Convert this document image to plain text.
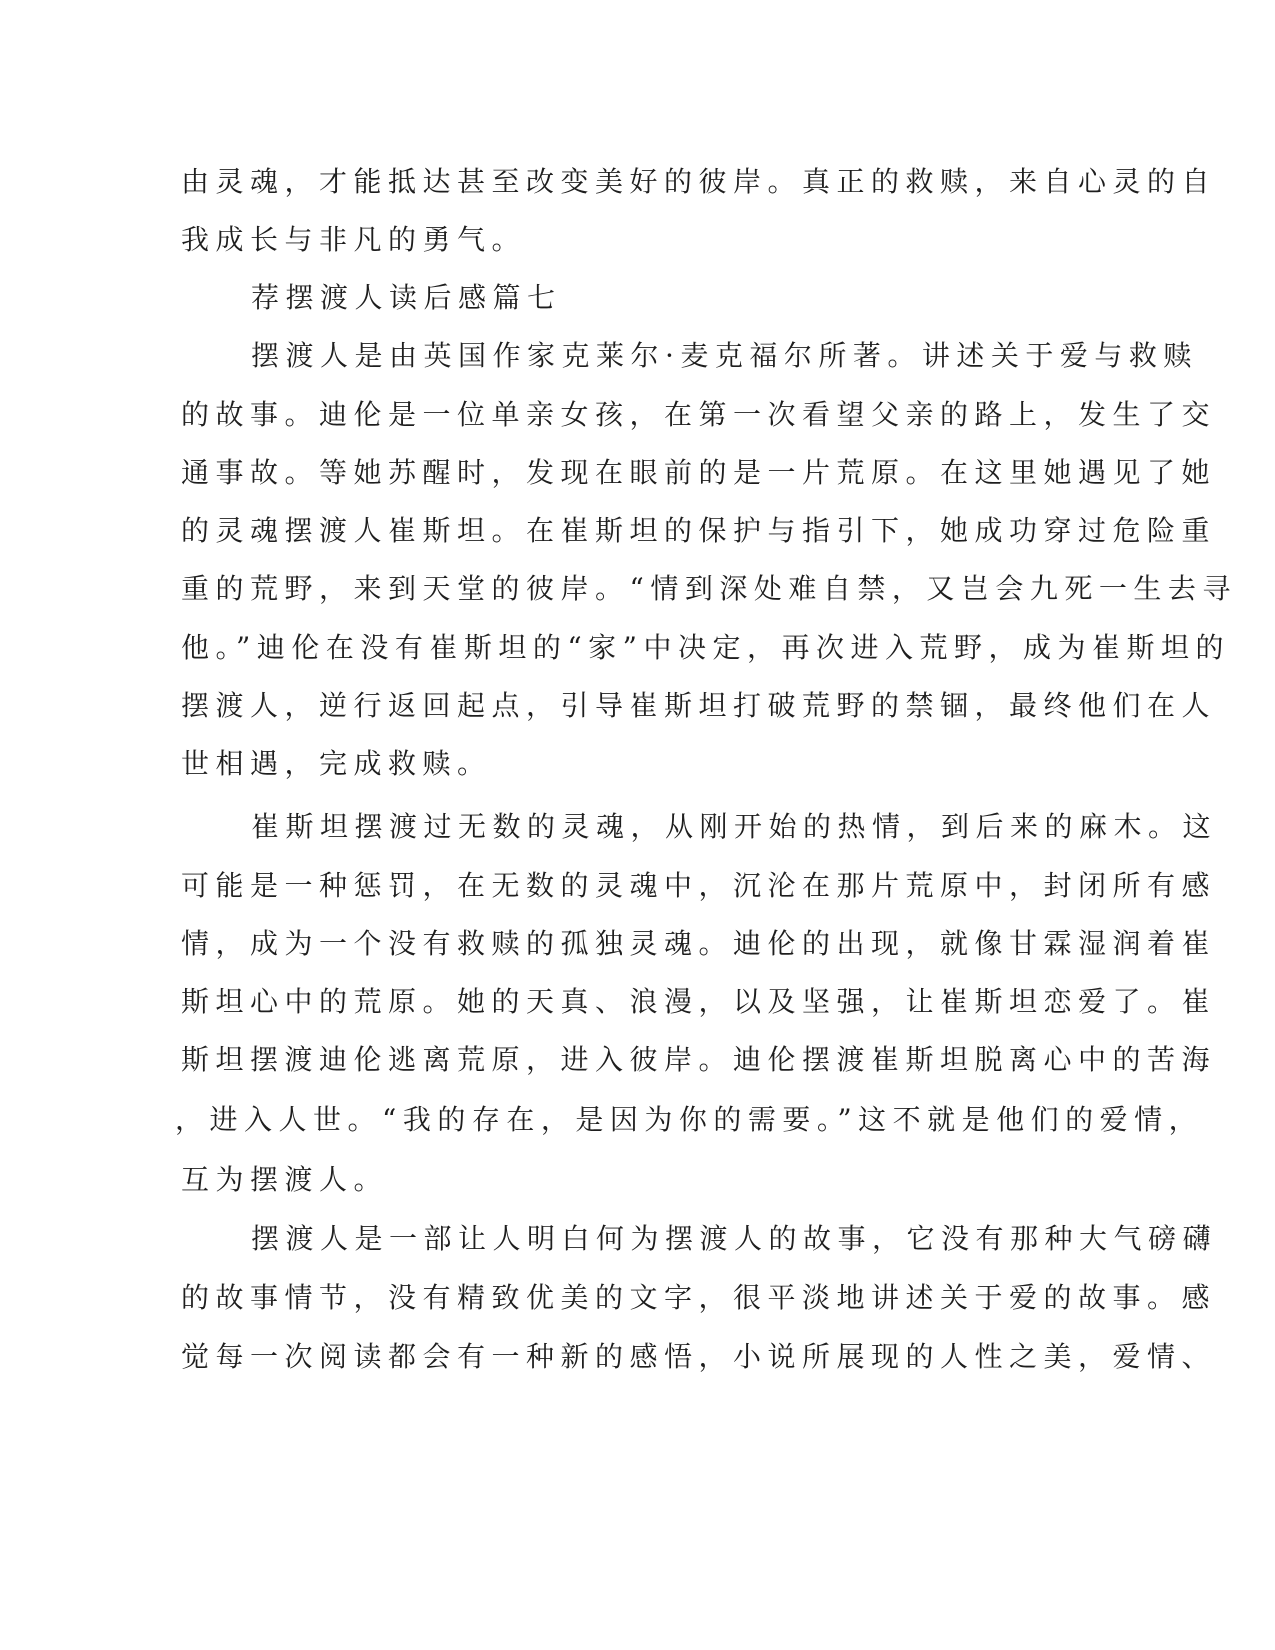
由灵魂，才能抵达甚至改变美好的彼岸。真正的救赎，来自心灵的自
我成长与非凡的勇气。
荐摆渡人读后感篇七
摆渡人是由英国作家克莱尔·麦克福尔所著。讲述关于爱与救赎
的故事。迪伦是一位单亲女孩，在第一次看望父亲的路上，发生了交
通事故。等她苏醒时，发现在眼前的是一片荒原。在这里她遇见了她
的灵魂摆渡人崔斯坦。在崔斯坦的保护与指引下，她成功穿过危险重
重的荒野，来到天堂的彼岸。“情到深处难自禁，又岂会九死一生去寻
他。”迪伦在没有崔斯坦的“家”中决定，再次进入荒野，成为崔斯坦的
摆渡人，逆行返回起点，引导崔斯坦打破荒野的禁锢，最终他们在人
世相遇，完成救赎。
崔斯坦摆渡过无数的灵魂，从刚开始的热情，到后来的麻木。这
可能是一种惩罚，在无数的灵魂中，沉沦在那片荒原中，封闭所有感
情，成为一个没有救赎的孤独灵魂。迪伦的出现，就像甘霖湿润着崔
斯坦心中的荒原。她的天真、浪漫，以及坚强，让崔斯坦恋爱了。崔
斯坦摆渡迪伦逃离荒原，进入彼岸。迪伦摆渡崔斯坦脱离心中的苦海
，进入人世。“我的存在，是因为你的需要。”这不就是他们的爱情，
互为摆渡人。
摆渡人是一部让人明白何为摆渡人的故事，它没有那种大气磅礴
的故事情节，没有精致优美的文字，很平淡地讲述关于爱的故事。感
觉每一次阅读都会有一种新的感悟，小说所展现的人性之美，爱情、
